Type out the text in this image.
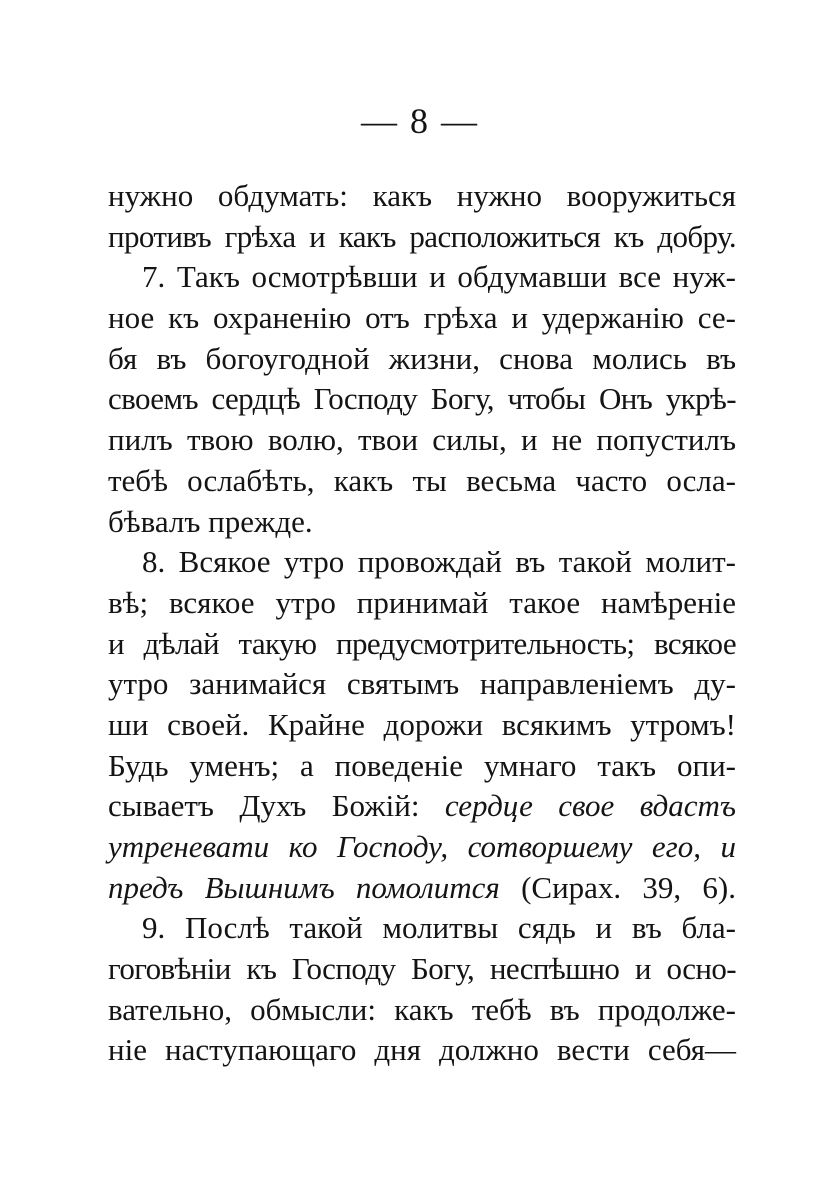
— 8 —
нужно обдумать: какъ нужно вооружиться
противъ грѣха и какъ расположиться къ добру.
7. Такъ осмотрѣвши и обдумавши все нуж-
ное къ охраненію отъ грѣха и удержанію се-
бя въ богоугодной жизни, снова молись въ
своемъ сердцѣ Господу Богу, чтобы Онъ укрѣ-
пилъ твою волю, твои силы, и не попустилъ
тебѣ ослабѣть, какъ ты весьма часто осла-
бѣвалъ прежде.
8. Всякое утро провождай въ такой молит-
вѣ; всякое утро принимай такое намѣреніе
и дѣлай такую предусмотрительность; всякое
утро занимайся святымъ направленіемъ ду-
ши своей. Крайне дорожи всякимъ утромъ!
Будь уменъ; а поведеніе умнаго такъ опи-
сываетъ Духъ Божій: сердце свое вдастъ
утреневати ко Господу, сотворшему его, и
предъ Вышнимъ помолится (Сирах. 39, 6).
9. Послѣ такой молитвы сядь и въ бла-
гоговѣніи къ Господу Богу, неспѣшно и осно-
вательно, обмысли: какъ тебѣ въ продолже-
ніе наступающаго дня должно вести себя—
